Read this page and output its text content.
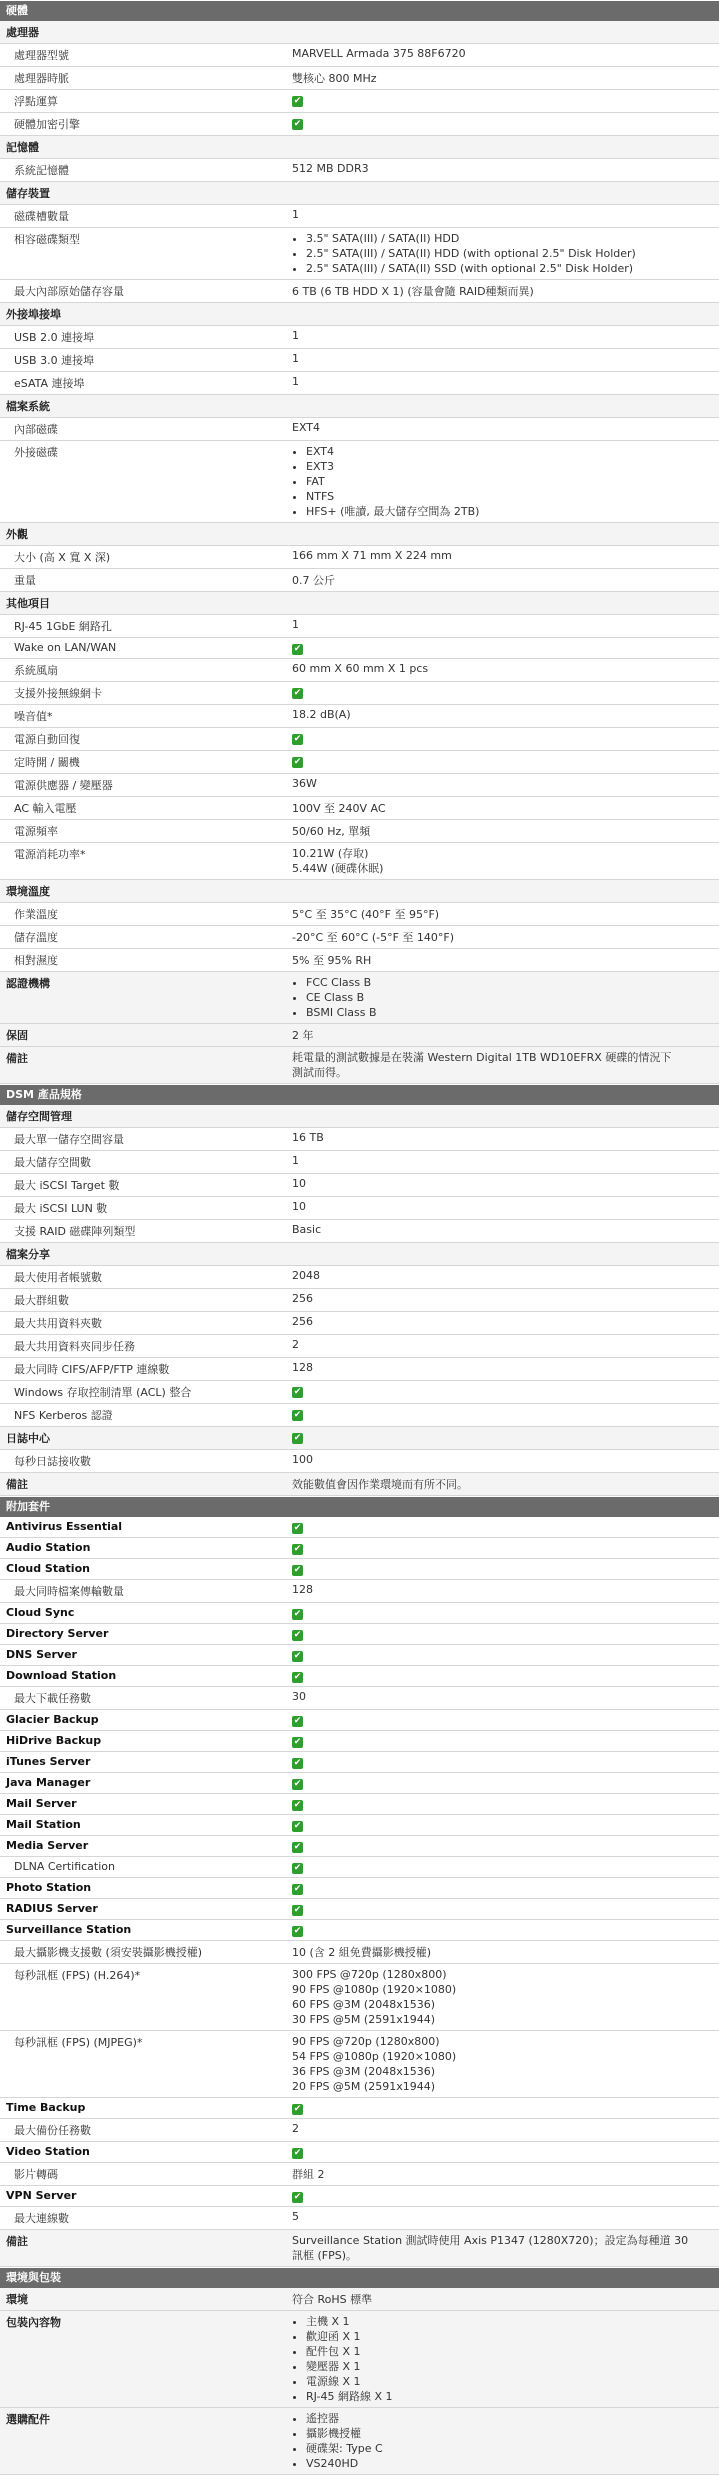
硬體
處理器
處理器型號	MARVELL Armada 375 88F6720
處理器時脈	雙核心 800 MHz
浮點運算	✔
硬體加密引擎	✔
記憶體
系統記憶體	512 MB DDR3
儲存裝置
磁碟槽數量	1
相容磁碟類型	• 3.5" SATA(III) / SATA(II) HDD
• 2.5" SATA(III) / SATA(II) HDD (with optional 2.5" Disk Holder)
• 2.5" SATA(III) / SATA(II) SSD (with optional 2.5" Disk Holder)
最大內部原始儲存容量	6 TB (6 TB HDD X 1) (容量會隨 RAID種類而異)
外接埠接埠
USB 2.0 連接埠	1
USB 3.0 連接埠	1
eSATA 連接埠	1
檔案系統
內部磁碟	EXT4
外接磁碟	• EXT4
• EXT3
• FAT
• NTFS
• HFS+ (唯讀, 最大儲存空間為 2TB)
外觀
大小 (高 X 寬 X 深)	166 mm X 71 mm X 224 mm
重量	0.7 公斤
其他項目
RJ-45 1GbE 網路孔	1
Wake on LAN/WAN	✔
系統風扇	60 mm X 60 mm X 1 pcs
支援外接無線網卡	✔
噪音值*	18.2 dB(A)
電源自動回復	✔
定時開 / 關機	✔
電源供應器 / 變壓器	36W
AC 輸入電壓	100V 至 240V AC
電源頻率	50/60 Hz, 單頻
電源消耗功率*	10.21W (存取)
5.44W (硬碟休眠)
環境溫度
作業溫度	5°C 至 35°C (40°F 至 95°F)
儲存溫度	-20°C 至 60°C (-5°F 至 140°F)
相對濕度	5% 至 95% RH
認證機構	• FCC Class B
• CE Class B
• BSMI Class B
保固	2 年
備註	耗電量的測試數據是在裝滿 Western Digital 1TB WD10EFRX 硬碟的情況下
測試而得。
DSM 產品規格
儲存空間管理
最大單一儲存空間容量	16 TB
最大儲存空間數	1
最大 iSCSI Target 數	10
最大 iSCSI LUN 數	10
支援 RAID 磁碟陣列類型	Basic
檔案分享
最大使用者帳號數	2048
最大群組數	256
最大共用資料夾數	256
最大共用資料夾同步任務	2
最大同時 CIFS/AFP/FTP 連線數	128
Windows 存取控制清單 (ACL) 整合	✔
NFS Kerberos 認證	✔
日誌中心	✔
每秒日誌接收數	100
備註	效能數值會因作業環境而有所不同。
附加套件
Antivirus Essential	✔
Audio Station	✔
Cloud Station	✔
最大同時檔案傳輸數量	128
Cloud Sync	✔
Directory Server	✔
DNS Server	✔
Download Station	✔
最大下載任務數	30
Glacier Backup	✔
HiDrive Backup	✔
iTunes Server	✔
Java Manager	✔
Mail Server	✔
Mail Station	✔
Media Server	✔
DLNA Certification	✔
Photo Station	✔
RADIUS Server	✔
Surveillance Station	✔
最大攝影機支援數 (須安裝攝影機授權)	10 (含 2 組免費攝影機授權)
每秒訊框 (FPS) (H.264)*	300 FPS @720p (1280x800)
90 FPS @1080p (1920×1080)
60 FPS @3M (2048x1536)
30 FPS @5M (2591x1944)
每秒訊框 (FPS) (MJPEG)*	90 FPS @720p (1280x800)
54 FPS @1080p (1920×1080)
36 FPS @3M (2048x1536)
20 FPS @5M (2591x1944)
Time Backup	✔
最大備份任務數	2
Video Station	✔
影片轉碼	群組 2
VPN Server	✔
最大連線數	5
備註	Surveillance Station 測試時使用 Axis P1347 (1280X720)；設定為每種道 30
訊框 (FPS)。
環境與包裝
環境	符合 RoHS 標準
包裝內容物	• 主機 X 1
• 歡迎函 X 1
• 配件包 X 1
• 變壓器 X 1
• 電源線 X 1
• RJ-45 網路線 X 1
選購配件	• 遙控器
• 攝影機授權
• 硬碟架: Type C
• VS240HD
